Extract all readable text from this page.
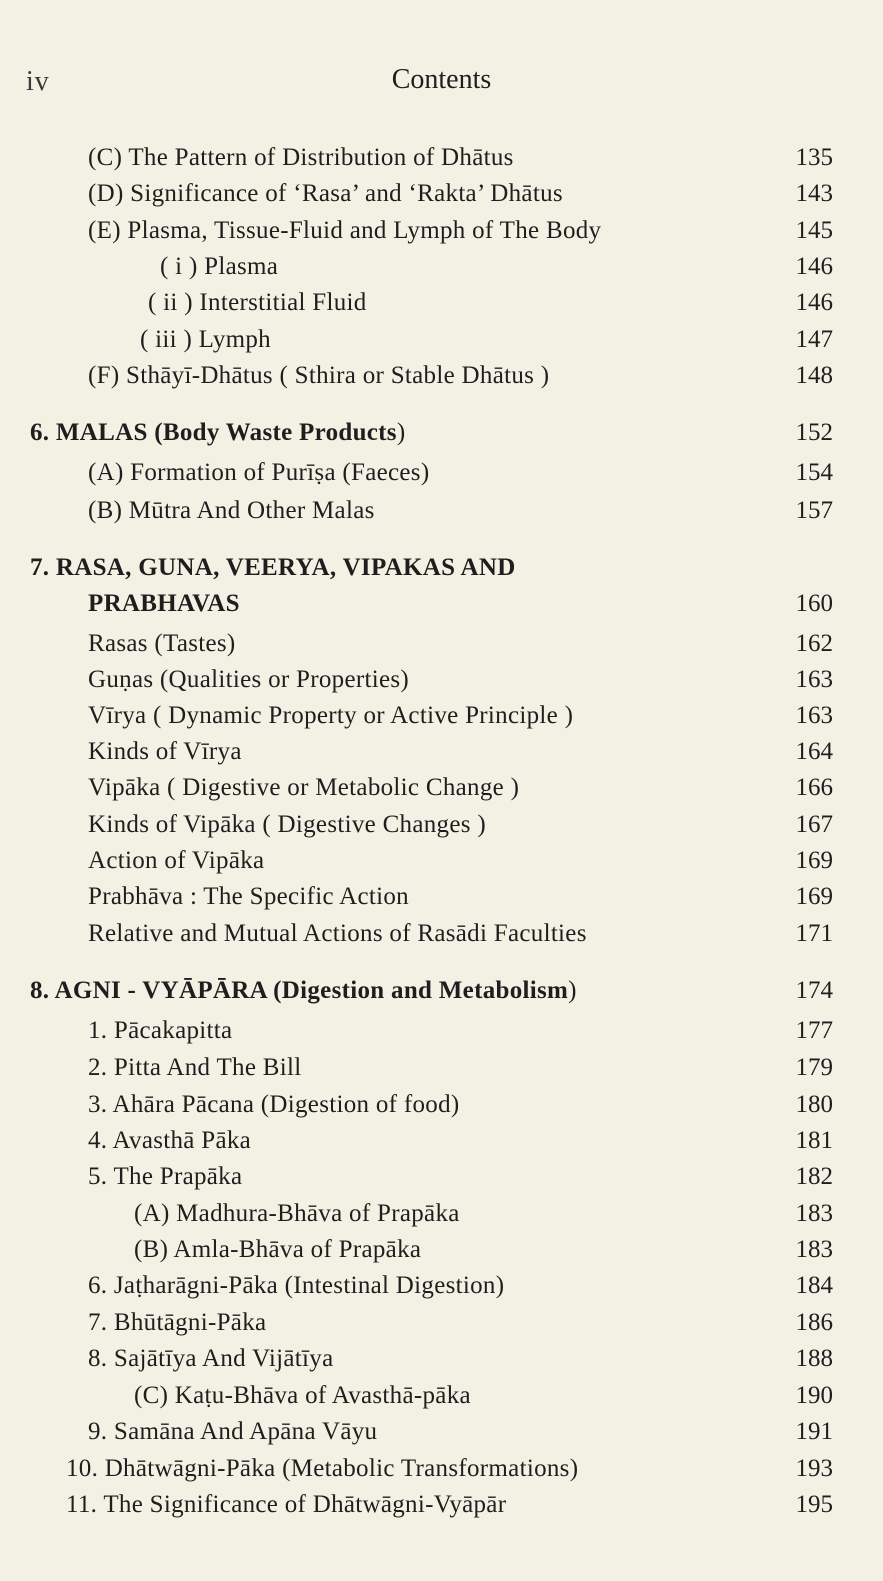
iv	Contents
(C) The Pattern of Distribution of Dhātus	135
(D) Significance of ‘Rasa’ and ‘Rakta’ Dhātus	143
(E) Plasma, Tissue-Fluid and Lymph of The Body	145
( i ) Plasma	146
( ii ) Interstitial Fluid	146
( iii ) Lymph	147
(F) Sthāyī-Dhātus ( Sthira or Stable Dhātus )	148
6. MALAS (Body Waste Products)	152
(A) Formation of Purīṣa (Faeces)	154
(B) Mūtra And Other Malas	157
7. RASA, GUNA, VEERYA, VIPAKAS AND
PRABHAVAS	160
Rasas (Tastes)	162
Guṇas (Qualities or Properties)	163
Vīrya ( Dynamic Property or Active Principle )	163
Kinds of Vīrya	164
Vipāka ( Digestive or Metabolic Change )	166
Kinds of Vipāka ( Digestive Changes )	167
Action of Vipāka	169
Prabhāva : The Specific Action	169
Relative and Mutual Actions of Rasādi Faculties	171
8. AGNI - VYĀPĀRA (Digestion and Metabolism)	174
1. Pācakapitta	177
2. Pitta And The Bill	179
3. Ahāra Pācana (Digestion of food)	180
4. Avasthā Pāka	181
5. The Prapāka	182
(A) Madhura-Bhāva of Prapāka	183
(B) Amla-Bhāva of Prapāka	183
6. Jaṭharāgni-Pāka (Intestinal Digestion)	184
7. Bhūtāgni-Pāka	186
8. Sajātīya And Vijātīya	188
(C) Kaṭu-Bhāva of Avasthā-pāka	190
9. Samāna And Apāna Vāyu	191
10. Dhātwāgni-Pāka (Metabolic Transformations)	193
11. The Significance of Dhātwāgni-Vyāpār	195
